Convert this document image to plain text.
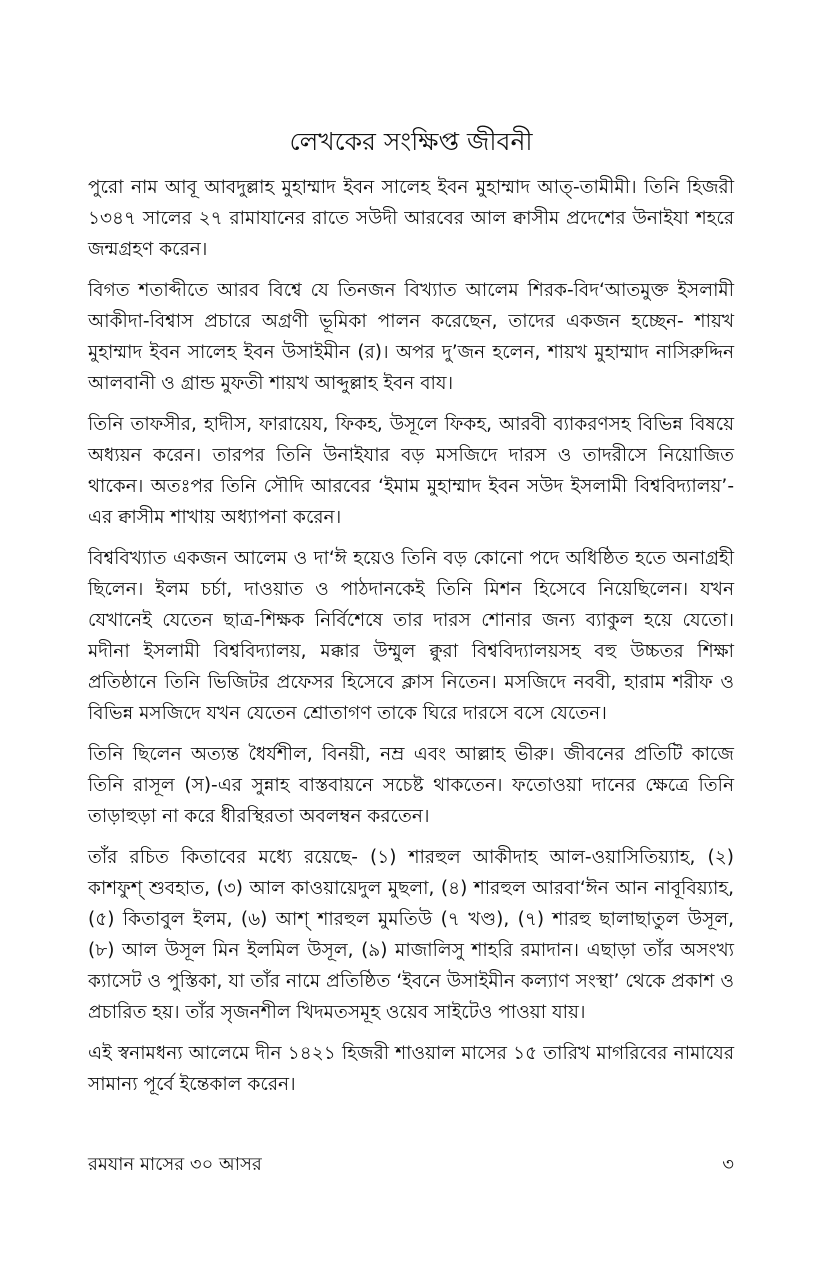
লেখকের সংক্ষিপ্ত জীবনী

পুরো নাম আবূ আবদুল্লাহ মুহাম্মাদ ইবন সালেহ ইবন মুহাম্মাদ আত্-তামীমী। তিনি হিজরী ১৩৪৭ সালের ২৭ রামাযানের রাতে সউদী আরবের আল ক্বাসীম প্রদেশের উনাইযা শহরে জন্মগ্রহণ করেন।

বিগত শতাব্দীতে আরব বিশ্বে যে তিনজন বিখ্যাত আলেম শিরক-বিদ‘আতমুক্ত ইসলামী আকীদা-বিশ্বাস প্রচারে অগ্রণী ভূমিকা পালন করেছেন, তাদের একজন হচ্ছেন- শায়খ মুহাম্মাদ ইবন সালেহ ইবন উসাইমীন (র)। অপর দু’জন হলেন, শায়খ মুহাম্মাদ নাসিরুদ্দিন আলবানী ও গ্রান্ড মুফতী শায়খ আব্দুল্লাহ ইবন বায।

তিনি তাফসীর, হাদীস, ফারায়েয, ফিকহ, উসূলে ফিকহ, আরবী ব্যাকরণসহ বিভিন্ন বিষয়ে অধ্যয়ন করেন। তারপর তিনি উনাইযার বড় মসজিদে দারস ও তাদরীসে নিয়োজিত থাকেন। অতঃপর তিনি সৌদি আরবের ‘ইমাম মুহাম্মাদ ইবন সউদ ইসলামী বিশ্ববিদ্যালয়’-এর ক্বাসীম শাখায় অধ্যাপনা করেন।

বিশ্ববিখ্যাত একজন আলেম ও দা‘ঈ হয়েও তিনি বড় কোনো পদে অধিষ্ঠিত হতে অনাগ্রহী ছিলেন। ইলম চর্চা, দাওয়াত ও পাঠদানকেই তিনি মিশন হিসেবে নিয়েছিলেন। যখন যেখানেই যেতেন ছাত্র-শিক্ষক নির্বিশেষে তার দারস শোনার জন্য ব্যাকুল হয়ে যেতো। মদীনা ইসলামী বিশ্ববিদ্যালয়, মক্কার উম্মুল ক্বুরা বিশ্ববিদ্যালয়সহ বহু উচ্চতর শিক্ষা প্রতিষ্ঠানে তিনি ভিজিটর প্রফেসর হিসেবে ক্লাস নিতেন। মসজিদে নববী, হারাম শরীফ ও বিভিন্ন মসজিদে যখন যেতেন শ্রোতাগণ তাকে ঘিরে দারসে বসে যেতেন।

তিনি ছিলেন অত্যন্ত ধৈর্যশীল, বিনয়ী, নম্র এবং আল্লাহ ভীরু। জীবনের প্রতিটি কাজে তিনি রাসূল (স)-এর সুন্নাহ বাস্তবায়নে সচেষ্ট থাকতেন। ফতোওয়া দানের ক্ষেত্রে তিনি তাড়াহুড়া না করে ধীরস্থিরতা অবলম্বন করতেন।

তাঁর রচিত কিতাবের মধ্যে রয়েছে- (১) শারহুল আকীদাহ আল-ওয়াসিতিয়্যাহ, (২) কাশফুশ্ শুবহাত, (৩) আল কাওয়ায়েদুল মুছলা, (৪) শারহুল আরবা‘ঈন আন নাবূবিয়্যাহ, (৫) কিতাবুল ইলম, (৬) আশ্ শারহুল মুমতিউ (৭ খণ্ড), (৭) শারহু ছালাছাতুল উসূল, (৮) আল উসূল মিন ইলমিল উসূল, (৯) মাজালিসু শাহরি রমাদান। এছাড়া তাঁর অসংখ্য ক্যাসেট ও পুস্তিকা, যা তাঁর নামে প্রতিষ্ঠিত ‘ইবনে উসাইমীন কল্যাণ সংস্থা’ থেকে প্রকাশ ও প্রচারিত হয়। তাঁর সৃজনশীল খিদমতসমূহ ওয়েব সাইটেও পাওয়া যায়।

এই স্বনামধন্য আলেমে দীন ১৪২১ হিজরী শাওয়াল মাসের ১৫ তারিখ মাগরিবের নামাযের সামান্য পূর্বে ইন্তেকাল করেন।

রমযান মাসের ৩০ আসর	৩
